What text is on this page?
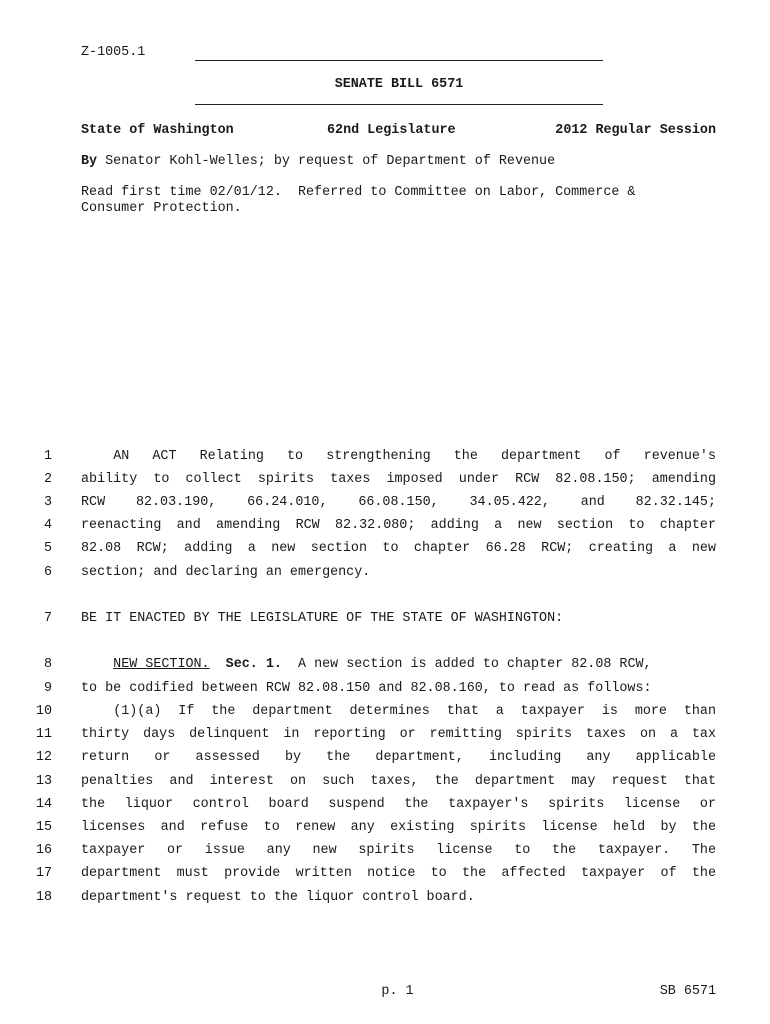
Z-1005.1
SENATE BILL 6571
State of Washington	62nd Legislature	2012 Regular Session
By Senator Kohl-Welles; by request of Department of Revenue
Read first time 02/01/12.  Referred to Committee on Labor, Commerce &
Consumer Protection.
1	AN ACT Relating to strengthening the department of revenue's
2 ability to collect spirits taxes imposed under RCW 82.08.150; amending
3 RCW 82.03.190, 66.24.010, 66.08.150, 34.05.422, and 82.32.145;
4 reenacting and amending RCW 82.32.080; adding a new section to chapter
5 82.08 RCW; adding a new section to chapter 66.28 RCW; creating a new
6 section; and declaring an emergency.
7 BE IT ENACTED BY THE LEGISLATURE OF THE STATE OF WASHINGTON:
8	NEW SECTION. Sec. 1. A new section is added to chapter 82.08 RCW,
9 to be codified between RCW 82.08.150 and 82.08.160, to read as follows:
10	(1)(a) If the department determines that a taxpayer is more than
11 thirty days delinquent in reporting or remitting spirits taxes on a tax
12 return or assessed by the department, including any applicable
13 penalties and interest on such taxes, the department may request that
14 the liquor control board suspend the taxpayer's spirits license or
15 licenses and refuse to renew any existing spirits license held by the
16 taxpayer or issue any new spirits license to the taxpayer. The
17 department must provide written notice to the affected taxpayer of the
18 department's request to the liquor control board.
p. 1	SB 6571
